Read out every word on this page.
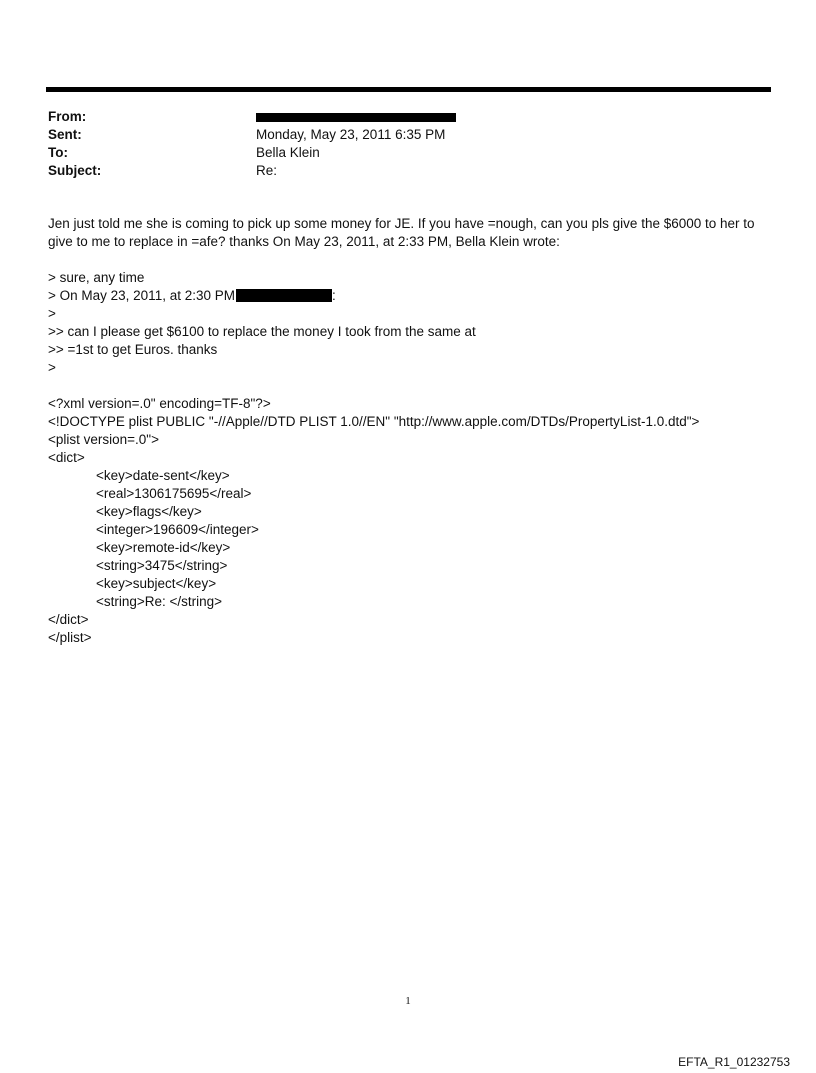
From:
Sent:	Monday, May 23, 2011 6:35 PM
To:	Bella Klein
Subject:	Re:

Jen just told me she is coming to pick up some money for JE. If you have =nough, can you pls give the $6000 to her to give to me to replace in =afe? thanks On May 23, 2011, at 2:33 PM, Bella Klein wrote:

> sure, any time

> On May 23, 2011, at 2:30 PM	:

>

>> can I please get $6100 to replace the money I took from the same at

>> =1st to get Euros. thanks

>

<?xml version=.0" encoding=TF-8"?>

<!DOCTYPE plist PUBLIC "-//Apple//DTD PLIST 1.0//EN" "http://www.apple.com/DTDs/PropertyList-1.0.dtd">

<plist version=.0">

<dict>

<key>date-sent</key>

<real>1306175695</real>

<key>flags</key>

<integer>196609</integer>

<key>remote-id</key>

<string>3475</string>

<key>subject</key>

<string>Re: </string>

</dict>

</plist>

1
EFTA_R1_01232753
